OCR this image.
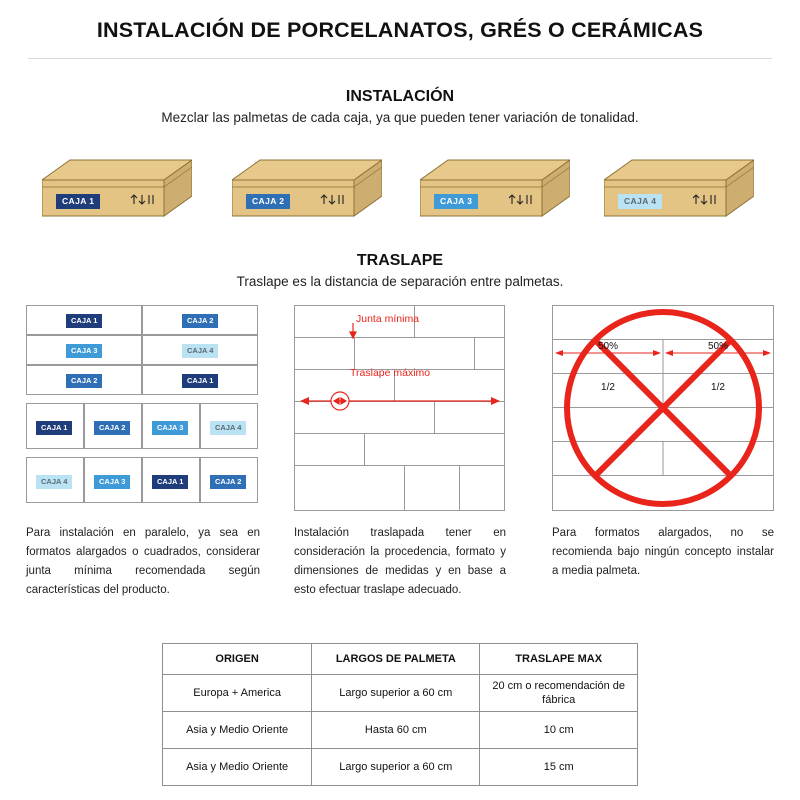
INSTALACIÓN DE PORCELANATOS, GRÉS O CERÁMICAS
INSTALACIÓN
Mezclar las palmetas de cada caja, ya que pueden tener variación de tonalidad.
CAJA 1	CAJA 2	CAJA 3	CAJA 4
TRASLAPE
Traslape es la distancia de separación entre palmetas.
CAJA 1	CAJA 2
CAJA 3	CAJA 4
CAJA 2	CAJA 1
CAJA 1	CAJA 2	CAJA 3	CAJA 4
CAJA 4	CAJA 3	CAJA 1	CAJA 2
Para instalación en paralelo, ya sea en formatos alargados o cuadrados, considerar junta mínima recomendada según características del producto.
Junta mínima
Traslape máximo
Instalación traslapada tener en consideración la procedencia, formato y dimensiones de medidas y en base a esto efectuar traslape adecuado.
50%	50%
1/2	1/2
Para formatos alargados, no se recomienda bajo ningún concepto instalar a media palmeta.
ORIGEN	LARGOS DE PALMETA	TRASLAPE MAX
Europa + America	Largo superior a 60 cm	20 cm o recomendación de fábrica
Asia y Medio Oriente	Hasta 60 cm	10 cm
Asia y Medio Oriente	Largo superior a 60 cm	15 cm
